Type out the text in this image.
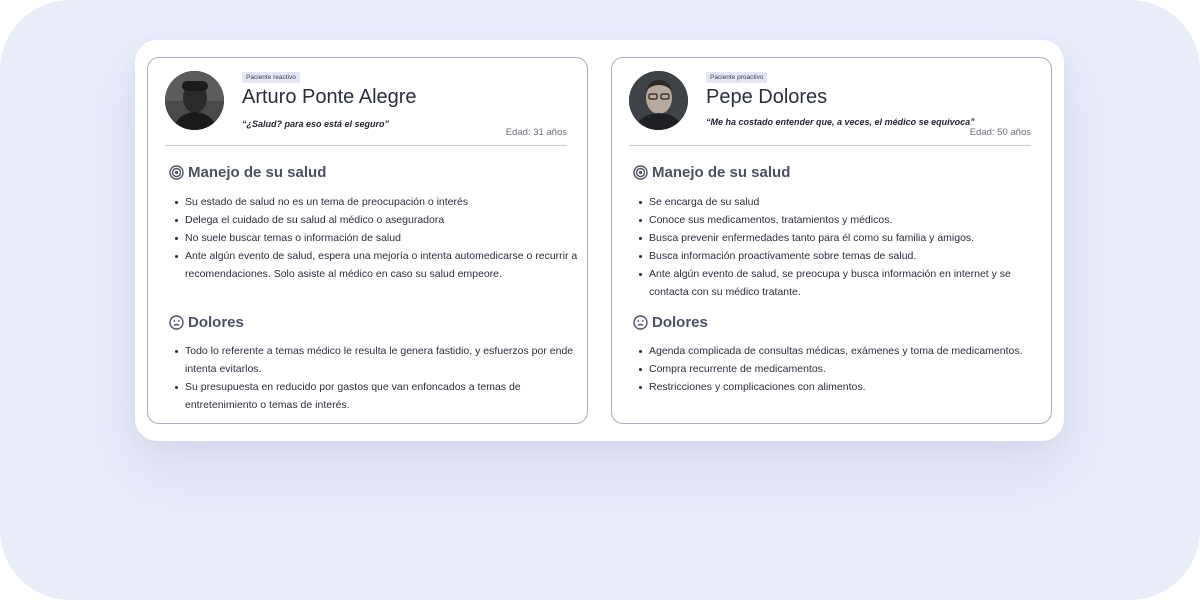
Paciente reactivo
Arturo Ponte Alegre
“¿Salud? para eso está el seguro”
Edad: 31 años
Manejo de su salud
Su estado de salud no es un tema de preocupación o interés
Delega el cuidado de su salud al médico o aseguradora
No suele buscar temas o información de salud
Ante algún evento de salud, espera una mejoría o intenta automedicarse o recurrir a recomendaciones. Solo asiste al médico en caso su salud empeore.
Dolores
Todo lo referente a temas médico le resulta le genera fastidio, y esfuerzos por ende intenta evitarlos.
Su presupuesta en reducido por gastos que van enfoncados a temas de entretenimiento o temas de interés.
Paciente proactivo
Pepe Dolores
“Me ha costado entender que, a veces, el médico se equivoca”
Edad: 50 años
Manejo de su salud
Se encarga de su salud
Conoce sus medicamentos, tratamientos y médicos.
Busca prevenir enfermedades tanto para él como su familia y amigos.
Busca información proactivamente sobre temas de salud.
Ante algún evento de salud, se preocupa y busca información en internet y se contacta con su médico tratante.
Dolores
Agenda complicada de consultas médicas, exámenes y toma de medicamentos.
Compra recurrente de medicamentos.
Restricciones y complicaciones con alimentos.
